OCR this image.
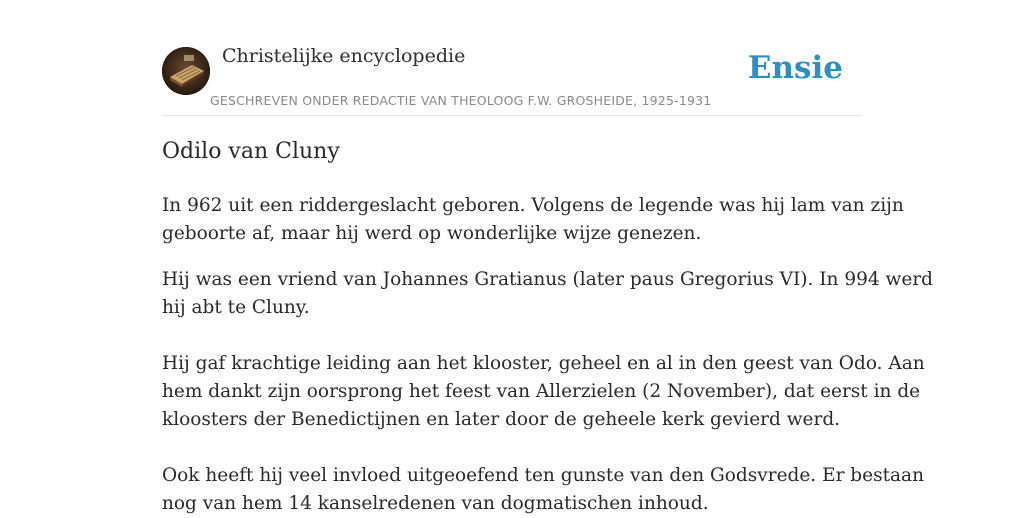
Christelijke encyclopedie
GESCHREVEN ONDER REDACTIE VAN THEOLOOG F.W. GROSHEIDE, 1925-1931
Ensie
Odilo van Cluny

In 962 uit een riddergeslacht geboren. Volgens de legende was hij lam van zijn
geboorte af, maar hij werd op wonderlijke wijze genezen.

Hij was een vriend van Johannes Gratianus (later paus Gregorius VI). In 994 werd
hij abt te Cluny.

Hij gaf krachtige leiding aan het klooster, geheel en al in den geest van Odo. Aan
hem dankt zijn oorsprong het feest van Allerzielen (2 November), dat eerst in de
kloosters der Benedictijnen en later door de geheele kerk gevierd werd.

Ook heeft hij veel invloed uitgeoefend ten gunste van den Godsvrede. Er bestaan
nog van hem 14 kanselredenen van dogmatischen inhoud.
